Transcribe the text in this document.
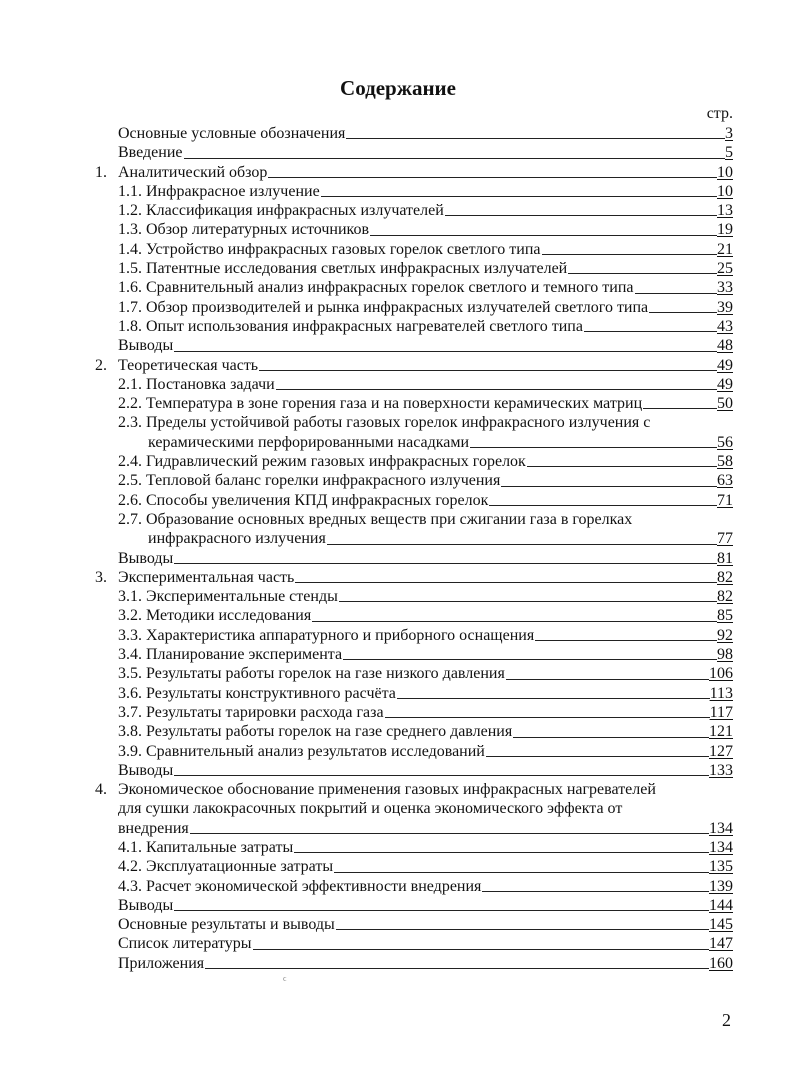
Содержание
стр.
Основные условные обозначения	3
Введение	5
1. Аналитический обзор	10
1.1. Инфракрасное излучение	10
1.2. Классификация инфракрасных излучателей	13
1.3. Обзор литературных источников	19
1.4. Устройство инфракрасных газовых горелок светлого типа	21
1.5. Патентные исследования светлых инфракрасных излучателей	25
1.6. Сравнительный анализ инфракрасных горелок светлого и темного типа	33
1.7. Обзор производителей и рынка инфракрасных излучателей светлого типа	39
1.8. Опыт использования инфракрасных нагревателей светлого типа	43
Выводы	48
2. Теоретическая часть	49
2.1. Постановка задачи	49
2.2. Температура в зоне горения газа и на поверхности керамических матриц	50
2.3. Пределы устойчивой работы газовых горелок инфракрасного излучения с
керамическими перфорированными насадками	56
2.4. Гидравлический режим газовых инфракрасных горелок	58
2.5. Тепловой баланс горелки инфракрасного излучения	63
2.6. Способы увеличения КПД инфракрасных горелок	71
2.7. Образование основных вредных веществ при сжигании газа в горелках
инфракрасного излучения	77
Выводы	81
3. Экспериментальная часть	82
3.1. Экспериментальные стенды	82
3.2. Методики исследования	85
3.3. Характеристика аппаратурного и приборного оснащения	92
3.4. Планирование эксперимента	98
3.5. Результаты работы горелок на газе низкого давления	106
3.6. Результаты конструктивного расчёта	113
3.7. Результаты тарировки расхода газа	117
3.8. Результаты работы горелок на газе среднего давления	121
3.9. Сравнительный анализ результатов исследований	127
Выводы	133
4. Экономическое обоснование применения газовых инфракрасных нагревателей
для сушки лакокрасочных покрытий и оценка экономического эффекта от
внедрения	134
4.1. Капитальные затраты	134
4.2. Эксплуатационные затраты	135
4.3. Расчет экономической эффективности внедрения	139
Выводы	144
Основные результаты и выводы	145
Список литературы	147
Приложения	160
ϲ
2
